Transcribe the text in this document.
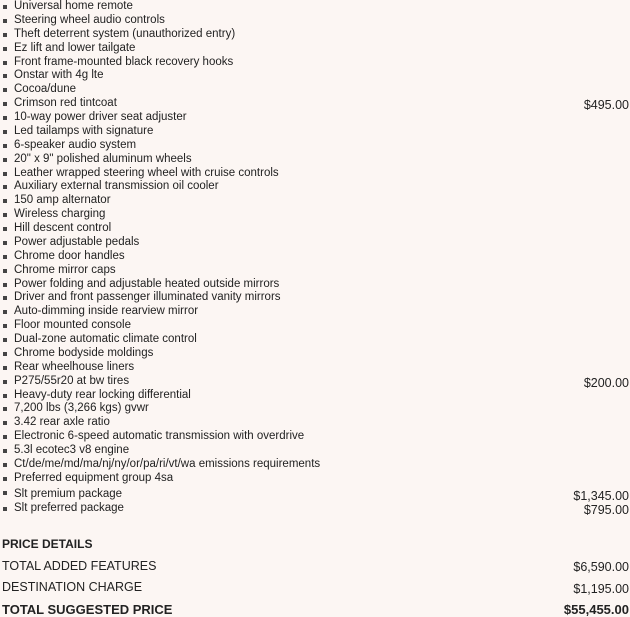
Universal home remote
Steering wheel audio controls
Theft deterrent system (unauthorized entry)
Ez lift and lower tailgate
Front frame-mounted black recovery hooks
Onstar with 4g lte
Cocoa/dune
Crimson red tintcoat	$495.00
10-way power driver seat adjuster
Led tailamps with signature
6-speaker audio system
20" x 9" polished aluminum wheels
Leather wrapped steering wheel with cruise controls
Auxiliary external transmission oil cooler
150 amp alternator
Wireless charging
Hill descent control
Power adjustable pedals
Chrome door handles
Chrome mirror caps
Power folding and adjustable heated outside mirrors
Driver and front passenger illuminated vanity mirrors
Auto-dimming inside rearview mirror
Floor mounted console
Dual-zone automatic climate control
Chrome bodyside moldings
Rear wheelhouse liners
P275/55r20 at bw tires	$200.00
Heavy-duty rear locking differential
7,200 lbs (3,266 kgs) gvwr
3.42 rear axle ratio
Electronic 6-speed automatic transmission with overdrive
5.3l ecotec3 v8 engine
Ct/de/me/md/ma/nj/ny/or/pa/ri/vt/wa emissions requirements
Preferred equipment group 4sa
Slt premium package	$1,345.00
Slt preferred package	$795.00
PRICE DETAILS
TOTAL ADDED FEATURES	$6,590.00
DESTINATION CHARGE	$1,195.00
TOTAL SUGGESTED PRICE	$55,455.00
